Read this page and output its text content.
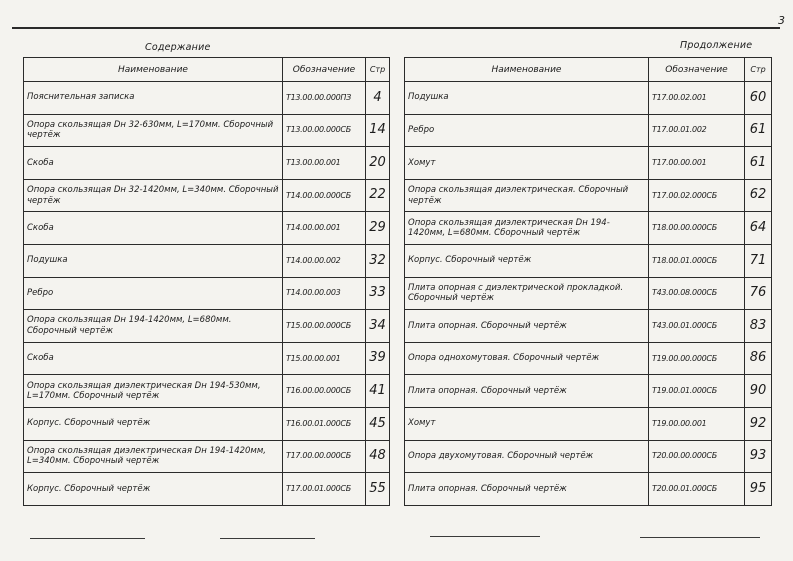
3
Содержание	Продолжение
Наименование	Обозначение	Стр
Пояснительная записка	Т13.00.00.000ПЗ	4
Опора скользящая Dн 32-630мм, L=170мм. Сборочный чертёж	Т13.00.00.000СБ	14
Скоба	Т13.00.00.001	20
Опора скользящая Dн 32-1420мм, L=340мм. Сборочный чертёж	Т14.00.00.000СБ	22
Скоба	Т14.00.00.001	29
Подушка	Т14.00.00.002	32
Ребро	Т14.00.00.003	33
Опора скользящая Dн 194-1420мм, L=680мм. Сборочный чертёж	Т15.00.00.000СБ	34
Скоба	Т15.00.00.001	39
Опора скользящая диэлектрическая Dн 194-530мм, L=170мм. Сборочный чертёж	Т16.00.00.000СБ	41
Корпус. Сборочный чертёж	Т16.00.01.000СБ	45
Опора скользящая диэлектрическая Dн 194-1420мм, L=340мм. Сборочный чертёж	Т17.00.00.000СБ	48
Корпус. Сборочный чертёж	Т17.00.01.000СБ	55
Наименование	Обозначение	Стр
Подушка	Т17.00.02.001	60
Ребро	Т17.00.01.002	61
Хомут	Т17.00.00.001	61
Опора скользящая диэлектрическая. Сборочный чертёж	Т17.00.02.000СБ	62
Опора скользящая диэлектрическая Dн 194-1420мм, L=680мм. Сборочный чертёж	Т18.00.00.000СБ	64
Корпус. Сборочный чертёж	Т18.00.01.000СБ	71
Плита опорная с диэлектрической прокладкой. Сборочный чертёж	Т43.00.08.000СБ	76
Плита опорная. Сборочный чертёж	Т43.00.01.000СБ	83
Опора однохомутовая. Сборочный чертёж	Т19.00.00.000СБ	86
Плита опорная. Сборочный чертёж	Т19.00.01.000СБ	90
Хомут	Т19.00.00.001	92
Опора двухомутовая. Сборочный чертёж	Т20.00.00.000СБ	93
Плита опорная. Сборочный чертёж	Т20.00.01.000СБ	95
